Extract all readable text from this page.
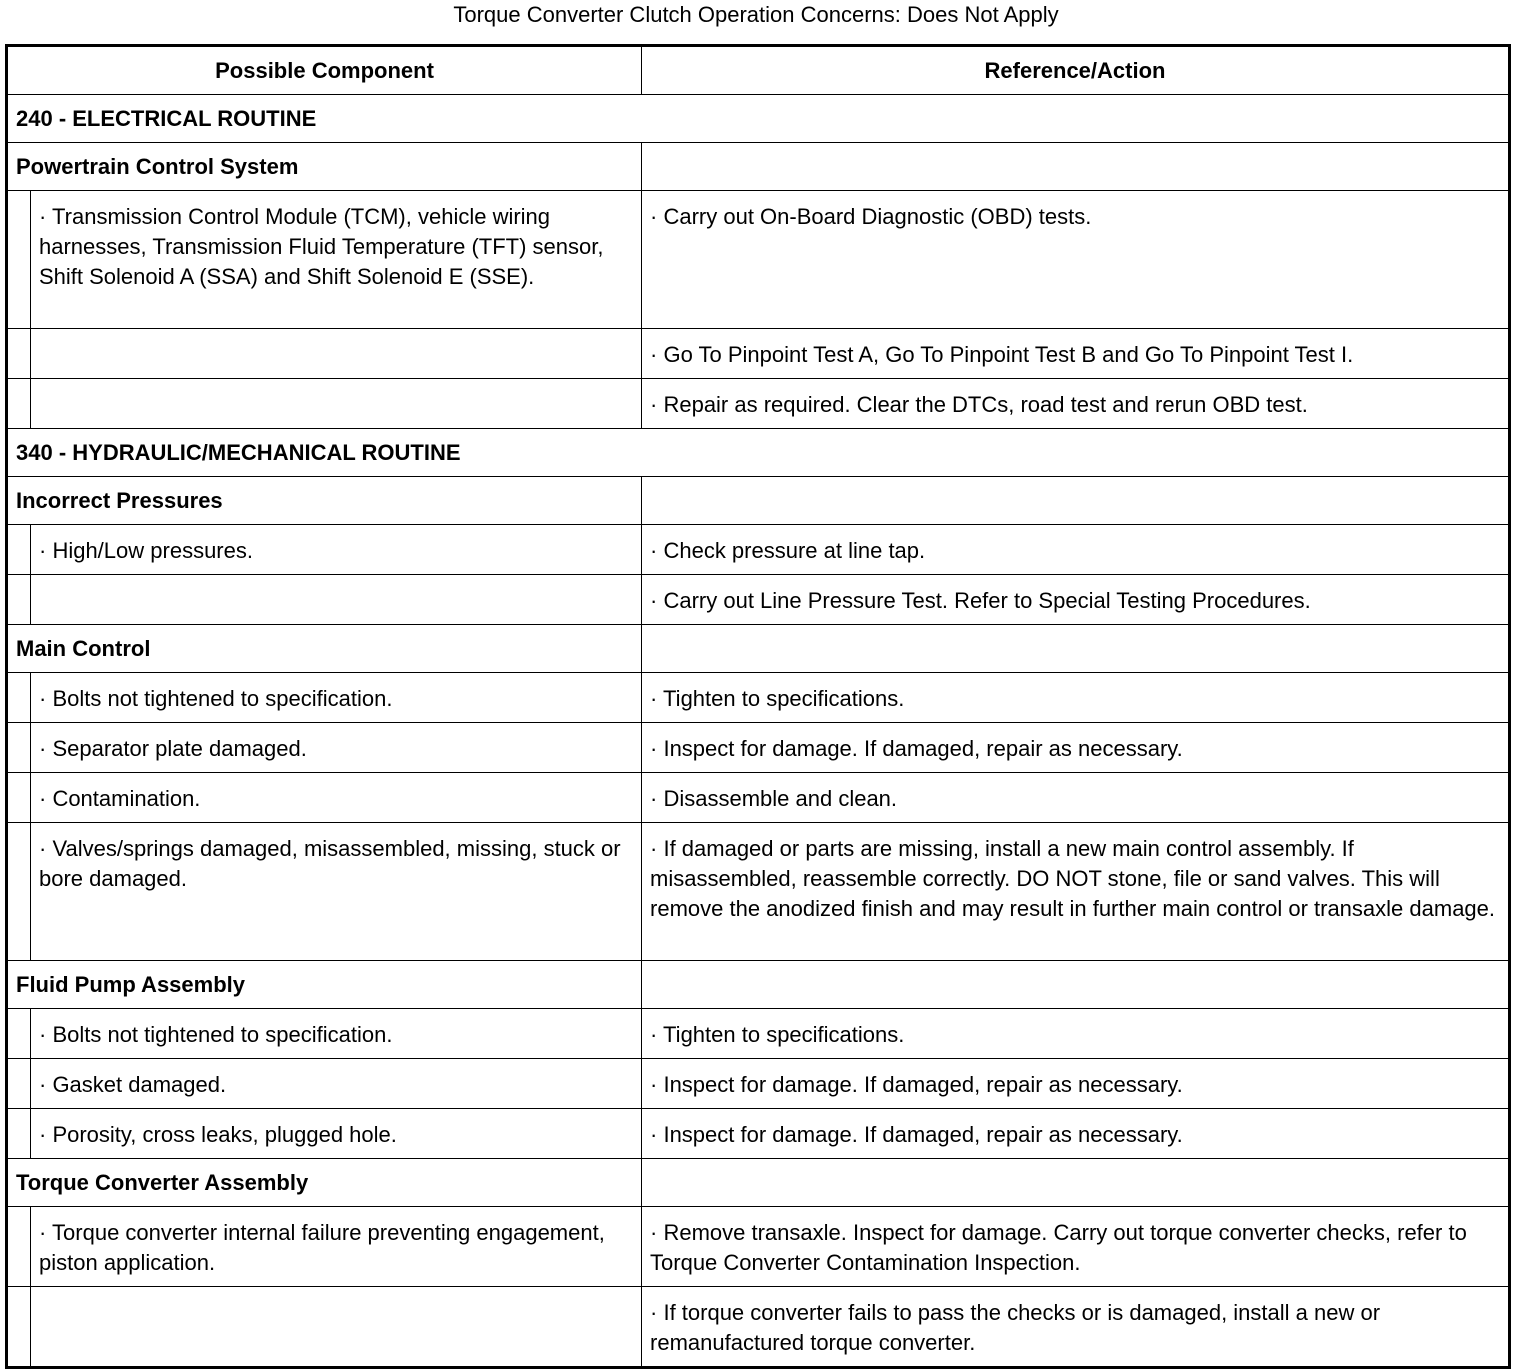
Torque Converter Clutch Operation Concerns: Does Not Apply
Possible Component		Reference/Action

240 - ELECTRICAL ROUTINE		

Powertrain Control System		

	· Transmission Control Module (TCM), vehicle wiring harnesses, Transmission Fluid Temperature (TFT) sensor, Shift Solenoid A (SSA) and Shift Solenoid E (SSE).	· Carry out On-Board Diagnostic (OBD) tests.

		· Go To Pinpoint Test A, Go To Pinpoint Test B and Go To Pinpoint Test I.

		· Repair as required. Clear the DTCs, road test and rerun OBD test.

340 - HYDRAULIC/MECHANICAL ROUTINE		

Incorrect Pressures		

	· High/Low pressures.	· Check pressure at line tap.

		· Carry out Line Pressure Test. Refer to Special Testing Procedures.

Main Control		

	· Bolts not tightened to specification.	· Tighten to specifications.

	· Separator plate damaged.	· Inspect for damage. If damaged, repair as necessary.

	· Contamination.	· Disassemble and clean.

	· Valves/springs damaged, misassembled, missing, stuck or bore damaged.	· If damaged or parts are missing, install a new main control assembly. If misassembled, reassemble correctly. DO NOT stone, file or sand valves. This will remove the anodized finish and may result in further main control or transaxle damage.

Fluid Pump Assembly		

	· Bolts not tightened to specification.	· Tighten to specifications.

	· Gasket damaged.	· Inspect for damage. If damaged, repair as necessary.

	· Porosity, cross leaks, plugged hole.	· Inspect for damage. If damaged, repair as necessary.

Torque Converter Assembly		

	· Torque converter internal failure preventing engagement, piston application.	· Remove transaxle. Inspect for damage. Carry out torque converter checks, refer to Torque Converter Contamination Inspection.

		· If torque converter fails to pass the checks or is damaged, install a new or remanufactured torque converter.
